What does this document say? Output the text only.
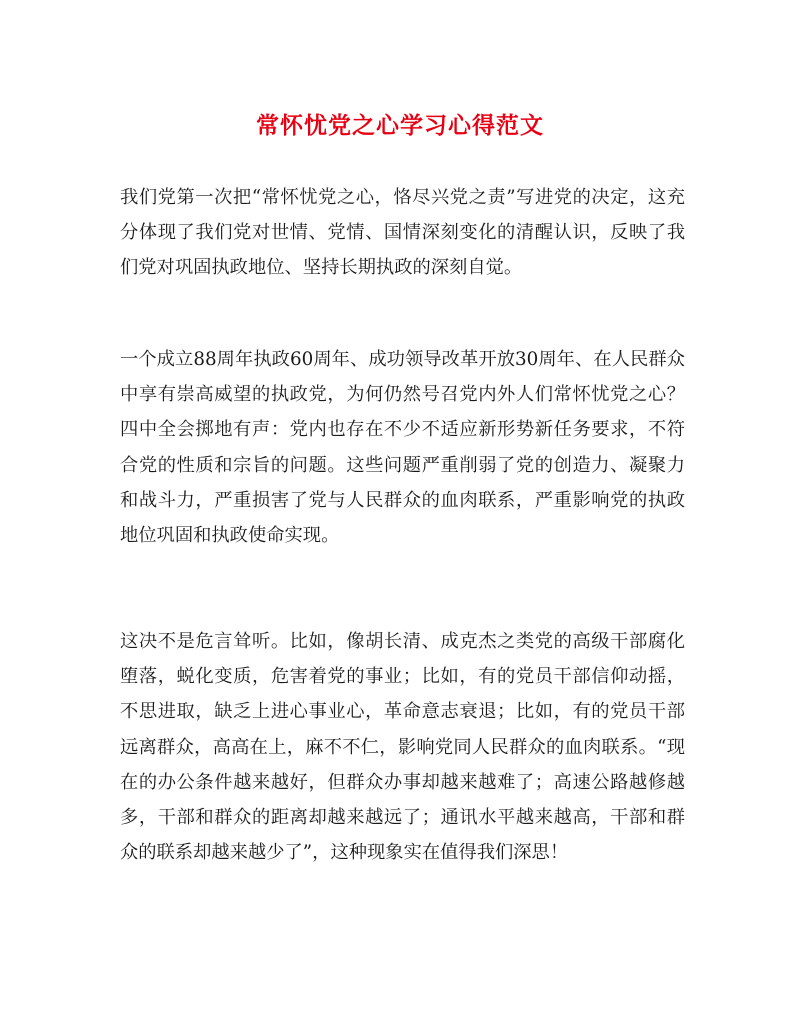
常怀忧党之心学习心得范文
我们党第一次把“常怀忧党之心，恪尽兴党之责”写进党的决定，这充分体现了我们党对世情、党情、国情深刻变化的清醒认识，反映了我们党对巩固执政地位、坚持长期执政的深刻自觉。
一个成立88周年执政60周年、成功领导改革开放30周年、在人民群众中享有崇高威望的执政党，为何仍然号召党内外人们常怀忧党之心？四中全会掷地有声：党内也存在不少不适应新形势新任务要求，不符合党的性质和宗旨的问题。这些问题严重削弱了党的创造力、凝聚力和战斗力，严重损害了党与人民群众的血肉联系，严重影响党的执政地位巩固和执政使命实现。
这决不是危言耸听。比如，像胡长清、成克杰之类党的高级干部腐化堕落，蜕化变质，危害着党的事业；比如，有的党员干部信仰动摇，不思进取，缺乏上进心事业心，革命意志衰退；比如，有的党员干部远离群众，高高在上，麻不不仁，影响党同人民群众的血肉联系。“现在的办公条件越来越好，但群众办事却越来越难了；高速公路越修越多，干部和群众的距离却越来越远了；通讯水平越来越高，干部和群众的联系却越来越少了”，这种现象实在值得我们深思！
